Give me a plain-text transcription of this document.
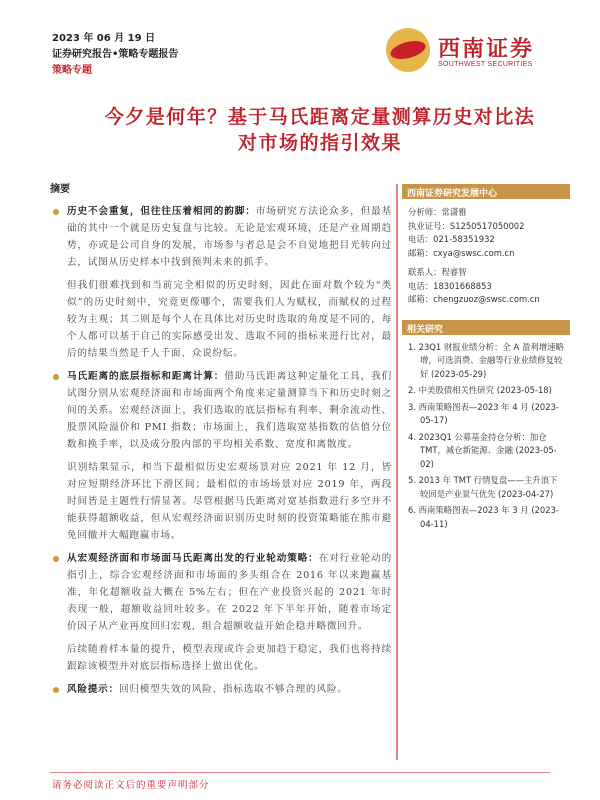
2023 年 06 月 19 日
证券研究报告•策略专题报告
策略专题
西南证券
SOUTHWEST SECURITIES
今夕是何年？基于马氏距离定量测算历史对比法
对市场的指引效果
摘要
历史不会重复，但往往压着相同的韵脚：市场研究方法论众多，但最基础的其中一个就是历史复盘与比较。无论是宏观环境，还是产业周期趋势，亦或是公司自身的发展，市场参与者总是会不自觉地把目光转向过去，试图从历史样本中找到预判未来的抓手。
但我们很难找到和当前完全相似的历史时刻，因此在面对数个较为“类似”的历史时刻中，究竟更像哪个，需要我们人为赋权，而赋权的过程较为主观；其二则是每个人在具体比对历史时选取的角度是不同的，每个人都可以基于自己的实际感受出发、选取不同的指标来进行比对，最后的结果当然是千人千面、众说纷纭。
马氏距离的底层指标和距离计算：借助马氏距离这种定量化工具，我们试图分别从宏观经济面和市场面两个角度来定量测算当下和历史时刻之间的关系。宏观经济面上，我们选取的底层指标有利率、剩余流动性、股票风险溢价和 PMI 指数；市场面上，我们选取宽基指数的估值分位数和换手率，以及成分股内部的平均相关系数、宽度和离散度。
识别结果显示，和当下最相似历史宏观场景对应 2021 年 12 月，皆对应短期经济环比下滑区间；最相似的市场场景对应 2019 年，两段时间皆是主题性行情显著。尽管根据马氏距离对宽基指数进行多空并不能获得超额收益，但从宏观经济面识别历史时刻的投资策略能在熊市避免回撤并大幅跑赢市场。
从宏观经济面和市场面马氏距离出发的行业轮动策略：在对行业轮动的指引上，综合宏观经济面和市场面的多头组合在 2016 年以来跑赢基准，年化超额收益大概在 5%左右；但在产业投资兴起的 2021 年时表现一般，超额收益回吐较多。在 2022 年下半年开始，随着市场定价因子从产业再度回归宏观，组合超额收益开始企稳并略微回升。
后续随着样本量的提升，模型表现或许会更加趋于稳定，我们也将持续跟踪该模型并对底层指标选择上做出优化。
风险提示：回归模型失效的风险、指标选取不够合理的风险。
西南证券研究发展中心
分析师：常潇雅
执业证号：S1250517050002
电话：021-58351932
邮箱：cxya@swsc.com.cn
联系人：程睿智
电话：18301668853
邮箱：chengzuoz@swsc.com.cn
相关研究
1. 23Q1 财报业绩分析：全 A 盈利增速略增，可选消费、金融等行业业绩修复较好 (2023-05-29)
2. 中美股债相关性研究 (2023-05-18)
3. 西南策略图表—2023 年 4 月 (2023-05-17)
4. 2023Q1 公募基金持仓分析：加仓 TMT，减仓新能源、金融 (2023-05-02)
5. 2013 年 TMT 行情复盘——主升浪下较回是产业景气优先 (2023-04-27)
6. 西南策略图表—2023 年 3 月 (2023-04-11)
请务必阅读正文后的重要声明部分
